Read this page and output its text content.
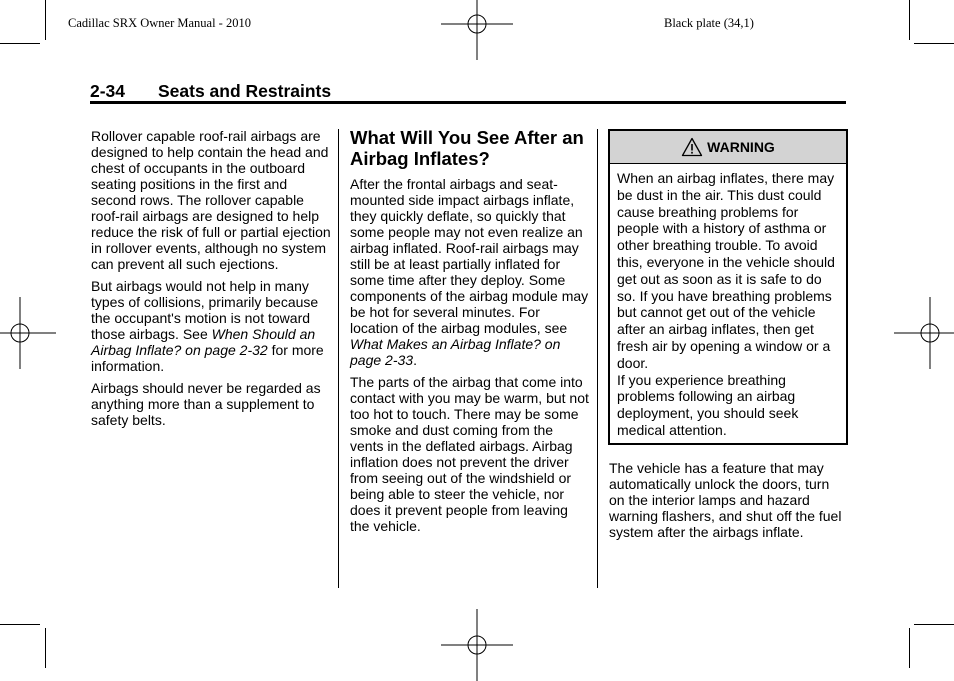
Cadillac SRX Owner Manual - 2010	Black plate (34,1)
2-34 Seats and Restraints

Rollover capable roof-rail airbags are designed to help contain the head and chest of occupants in the outboard seating positions in the first and second rows. The rollover capable roof-rail airbags are designed to help reduce the risk of full or partial ejection in rollover events, although no system can prevent all such ejections.

But airbags would not help in many types of collisions, primarily because the occupant's motion is not toward those airbags. See When Should an Airbag Inflate? on page 2-32 for more information.

Airbags should never be regarded as anything more than a supplement to safety belts.

What Will You See After an Airbag Inflates?

After the frontal airbags and seat-mounted side impact airbags inflate, they quickly deflate, so quickly that some people may not even realize an airbag inflated. Roof-rail airbags may still be at least partially inflated for some time after they deploy. Some components of the airbag module may be hot for several minutes. For location of the airbag modules, see What Makes an Airbag Inflate? on page 2-33.

The parts of the airbag that come into contact with you may be warm, but not too hot to touch. There may be some smoke and dust coming from the vents in the deflated airbags. Airbag inflation does not prevent the driver from seeing out of the windshield or being able to steer the vehicle, nor does it prevent people from leaving the vehicle.

WARNING

When an airbag inflates, there may be dust in the air. This dust could cause breathing problems for people with a history of asthma or other breathing trouble. To avoid this, everyone in the vehicle should get out as soon as it is safe to do so. If you have breathing problems but cannot get out of the vehicle after an airbag inflates, then get fresh air by opening a window or a door.

If you experience breathing problems following an airbag deployment, you should seek medical attention.

The vehicle has a feature that may automatically unlock the doors, turn on the interior lamps and hazard warning flashers, and shut off the fuel system after the airbags inflate.
